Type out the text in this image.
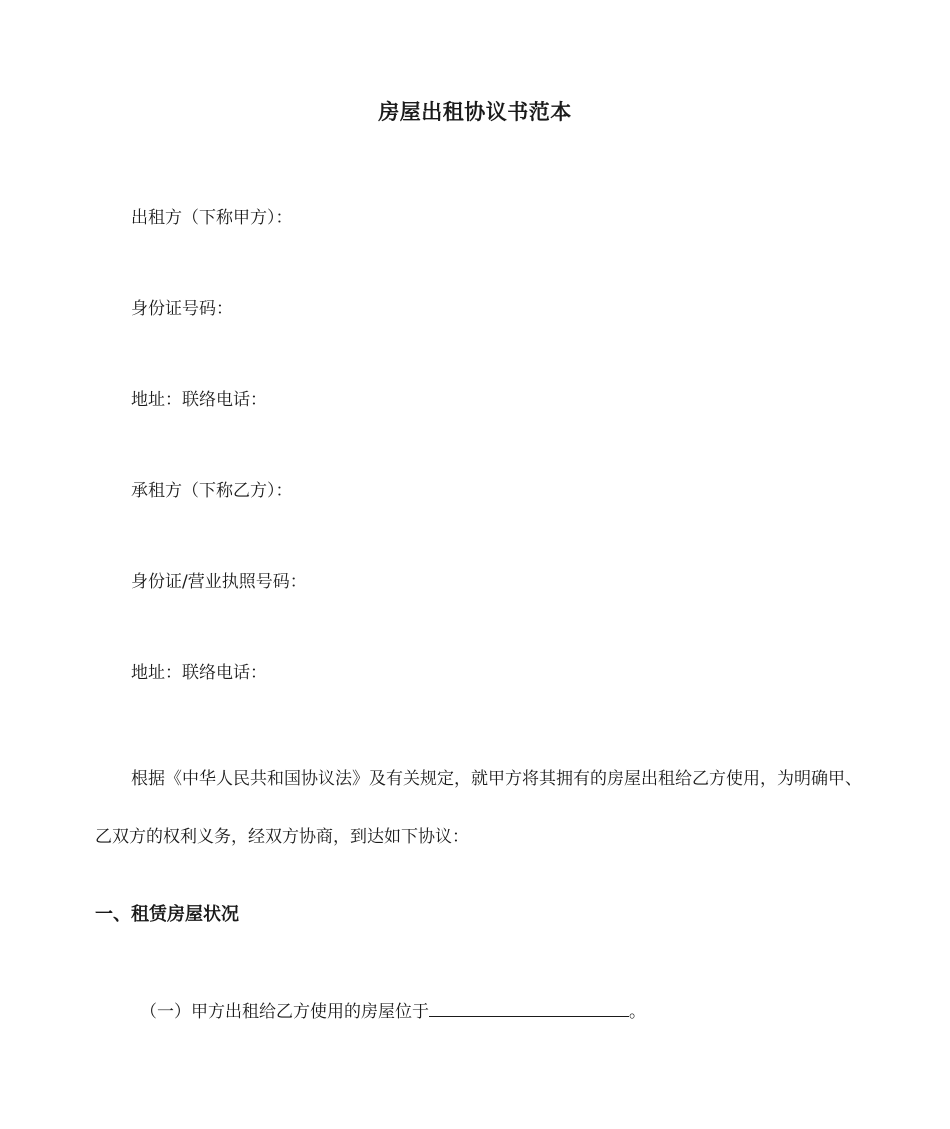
房屋出租协议书范本
出租方（下称甲方）：
身份证号码：
地址：联络电话：
承租方（下称乙方）：
身份证/营业执照号码：
地址：联络电话：
根据《中华人民共和国协议法》及有关规定，就甲方将其拥有的房屋出租给乙方使用，为明确甲、乙双方的权利义务，经双方协商，到达如下协议：
一、租赁房屋状况
（一）甲方出租给乙方使用的房屋位于	。
